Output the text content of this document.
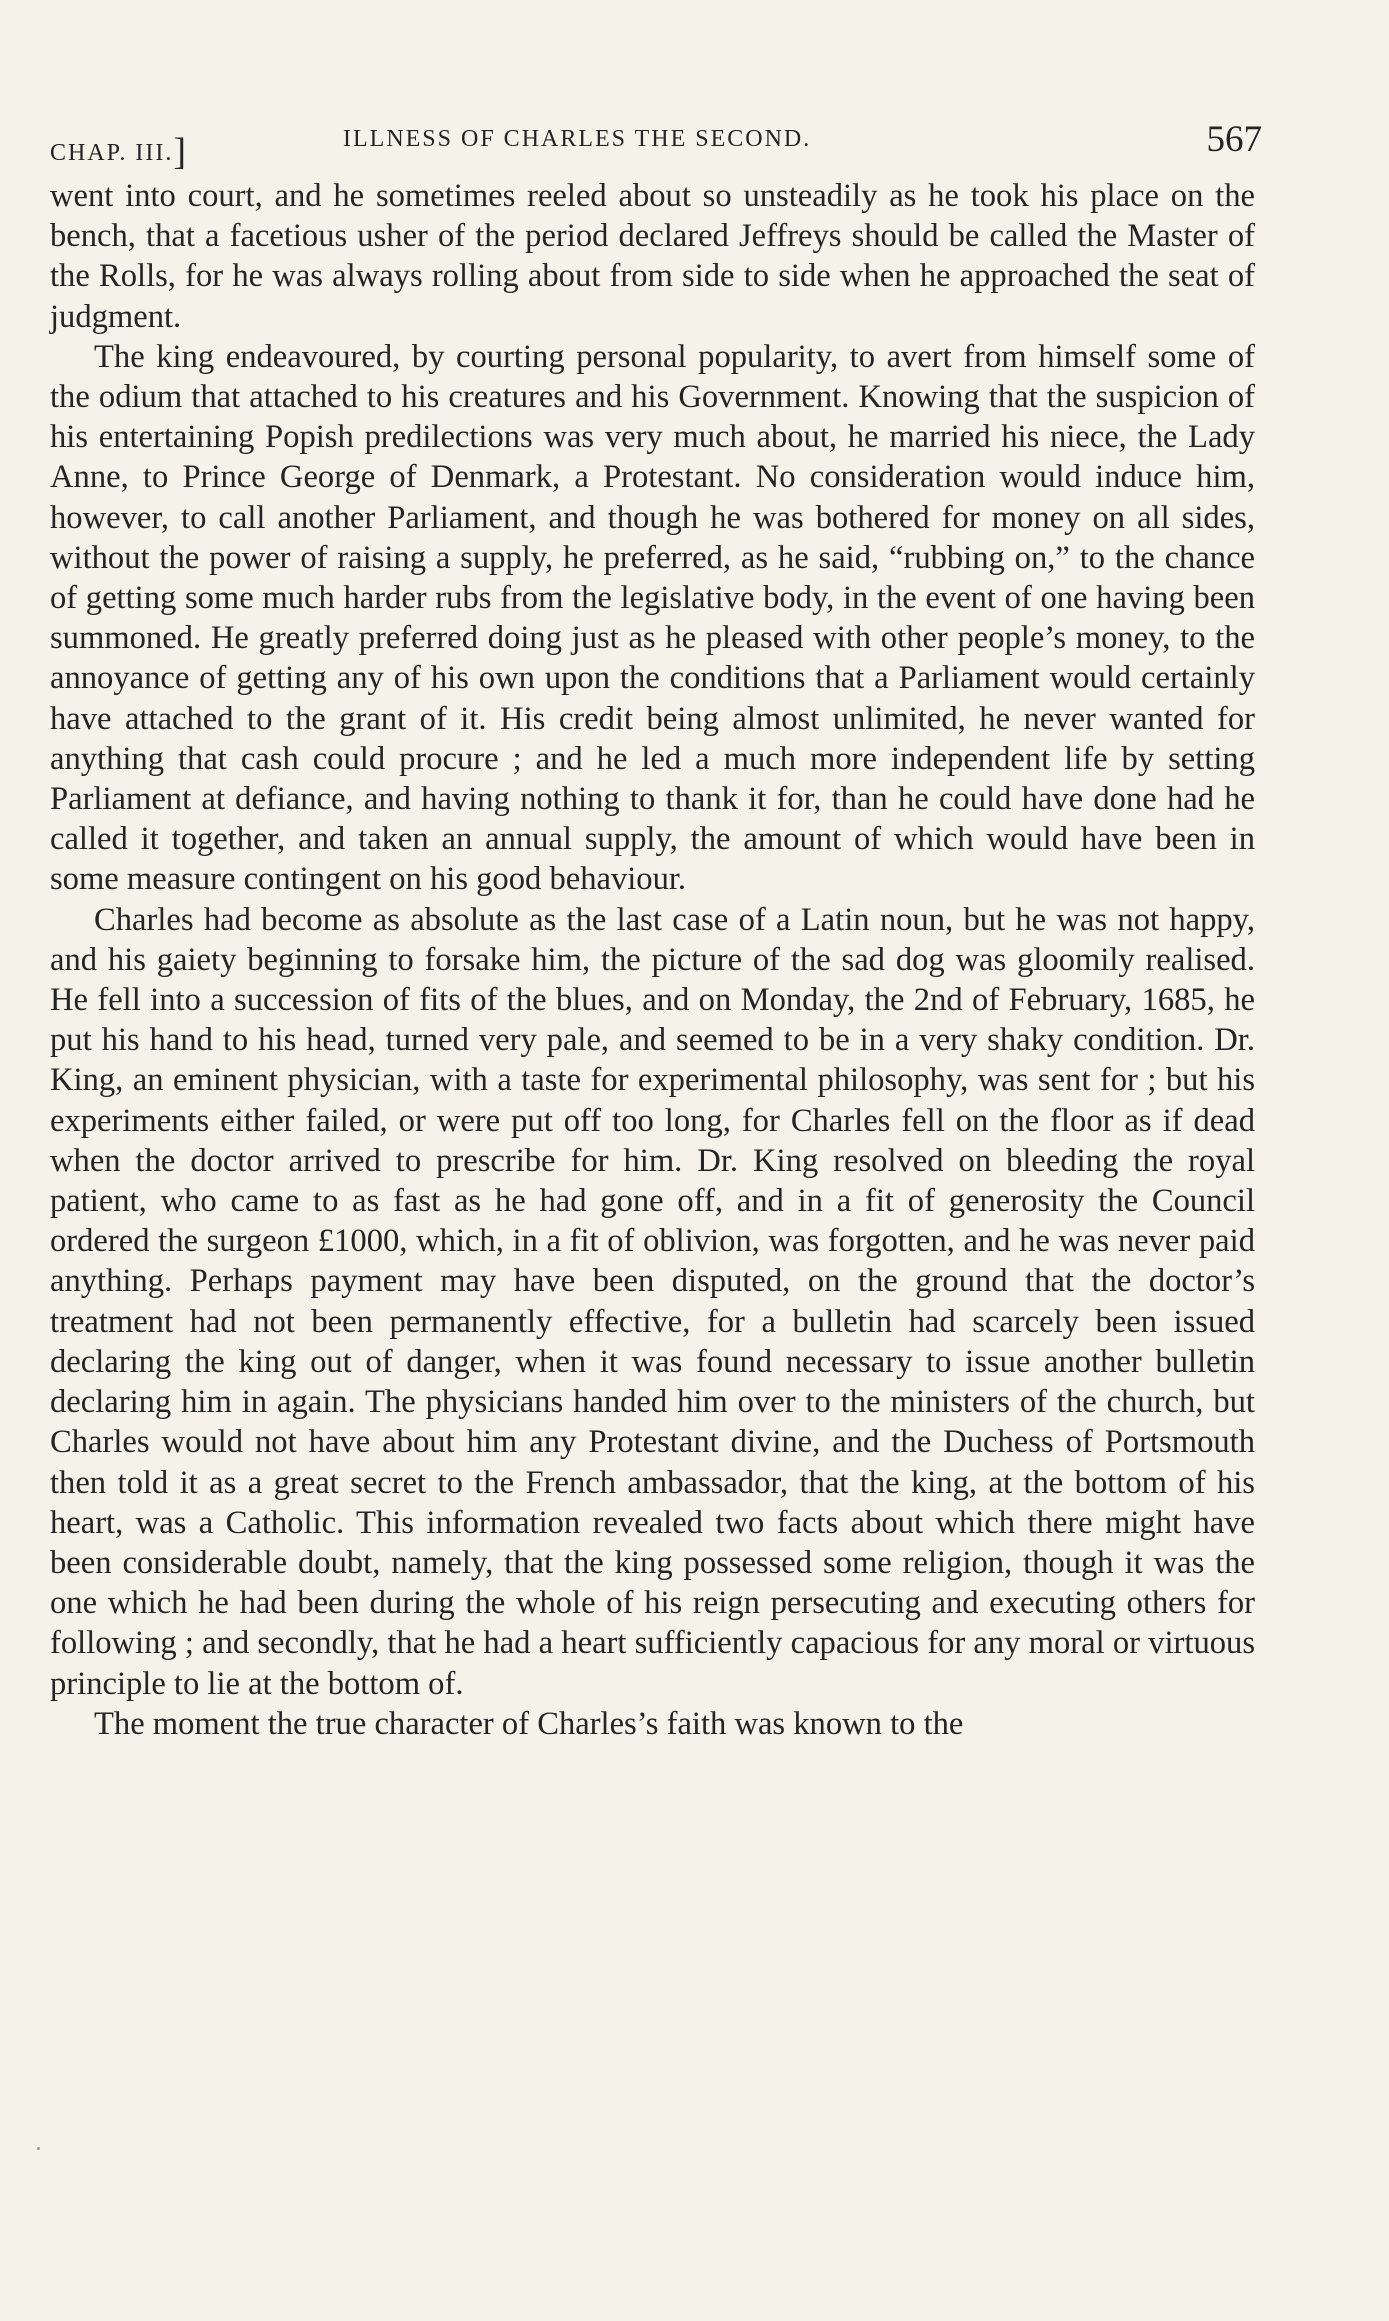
CHAP. III.]	ILLNESS OF CHARLES THE SECOND.	567

went into court, and he sometimes reeled about so unsteadily as he took his place on the bench, that a facetious usher of the period declared Jeffreys should be called the Master of the Rolls, for he was always rolling about from side to side when he approached the seat of judgment.

The king endeavoured, by courting personal popularity, to avert from himself some of the odium that attached to his creatures and his Government. Knowing that the suspicion of his entertaining Popish predilections was very much about, he married his niece, the Lady Anne, to Prince George of Denmark, a Protestant. No consideration would induce him, however, to call another Parliament, and though he was bothered for money on all sides, without the power of raising a supply, he preferred, as he said, “rubbing on,” to the chance of getting some much harder rubs from the legislative body, in the event of one having been summoned. He greatly preferred doing just as he pleased with other people’s money, to the annoyance of getting any of his own upon the conditions that a Parliament would certainly have attached to the grant of it. His credit being almost unlimited, he never wanted for anything that cash could procure ; and he led a much more independent life by setting Parliament at defiance, and having nothing to thank it for, than he could have done had he called it together, and taken an annual supply, the amount of which would have been in some measure contingent on his good behaviour.

Charles had become as absolute as the last case of a Latin noun, but he was not happy, and his gaiety beginning to forsake him, the picture of the sad dog was gloomily realised. He fell into a succession of fits of the blues, and on Monday, the 2nd of February, 1685, he put his hand to his head, turned very pale, and seemed to be in a very shaky condition. Dr. King, an eminent physician, with a taste for experimental philosophy, was sent for ; but his experiments either failed, or were put off too long, for Charles fell on the floor as if dead when the doctor arrived to prescribe for him. Dr. King resolved on bleeding the royal patient, who came to as fast as he had gone off, and in a fit of generosity the Council ordered the surgeon £1000, which, in a fit of oblivion, was forgotten, and he was never paid anything. Perhaps payment may have been disputed, on the ground that the doctor’s treatment had not been permanently effective, for a bulletin had scarcely been issued declaring the king out of danger, when it was found necessary to issue another bulletin declaring him in again. The physicians handed him over to the ministers of the church, but Charles would not have about him any Protestant divine, and the Duchess of Portsmouth then told it as a great secret to the French ambassador, that the king, at the bottom of his heart, was a Catholic. This information revealed two facts about which there might have been considerable doubt, namely, that the king possessed some religion, though it was the one which he had been during the whole of his reign persecuting and executing others for following ; and secondly, that he had a heart sufficiently capacious for any moral or virtuous principle to lie at the bottom of.

The moment the true character of Charles’s faith was known to the
